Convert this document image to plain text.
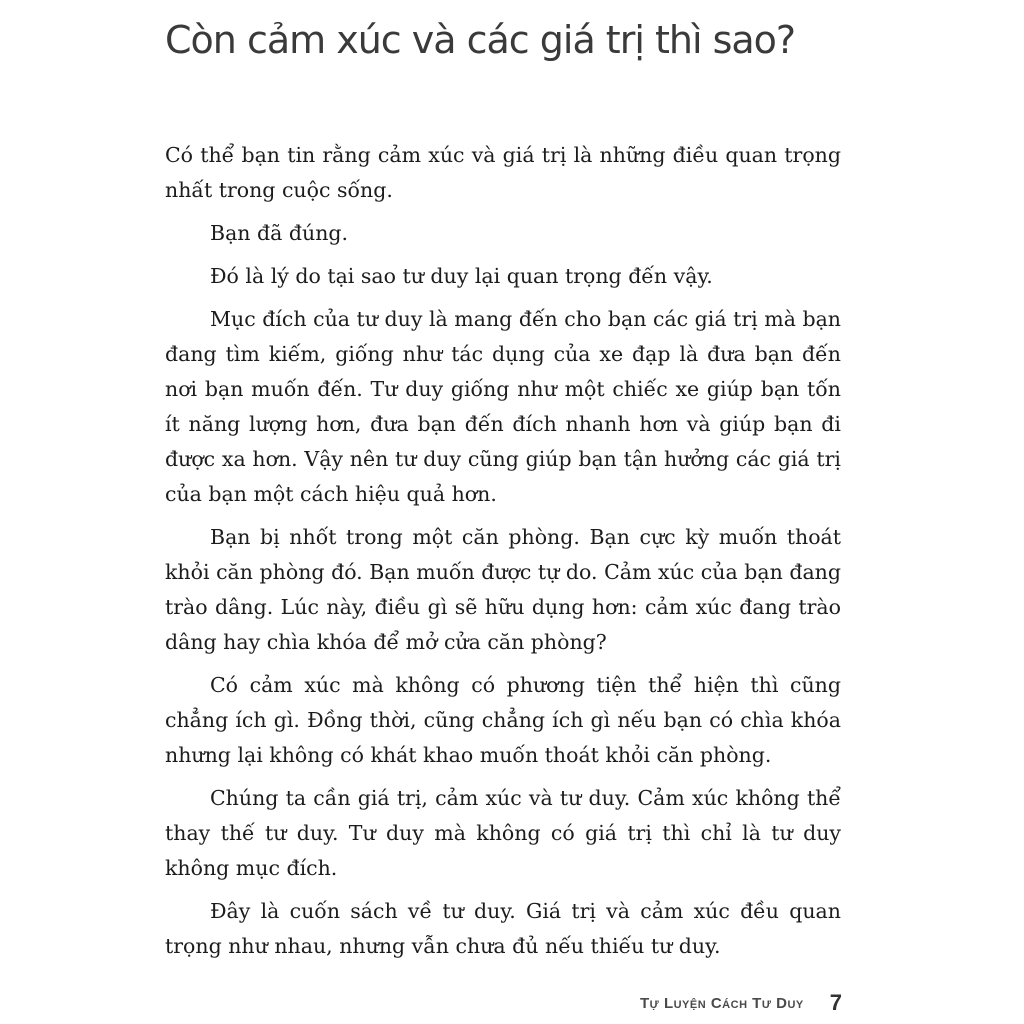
Còn cảm xúc và các giá trị thì sao?

Có thể bạn tin rằng cảm xúc và giá trị là những điều quan trọng nhất trong cuộc sống.

Bạn đã đúng.

Đó là lý do tại sao tư duy lại quan trọng đến vậy.

Mục đích của tư duy là mang đến cho bạn các giá trị mà bạn đang tìm kiếm, giống như tác dụng của xe đạp là đưa bạn đến nơi bạn muốn đến. Tư duy giống như một chiếc xe giúp bạn tốn ít năng lượng hơn, đưa bạn đến đích nhanh hơn và giúp bạn đi được xa hơn. Vậy nên tư duy cũng giúp bạn tận hưởng các giá trị của bạn một cách hiệu quả hơn.

Bạn bị nhốt trong một căn phòng. Bạn cực kỳ muốn thoát khỏi căn phòng đó. Bạn muốn được tự do. Cảm xúc của bạn đang trào dâng. Lúc này, điều gì sẽ hữu dụng hơn: cảm xúc đang trào dâng hay chìa khóa để mở cửa căn phòng?

Có cảm xúc mà không có phương tiện thể hiện thì cũng chẳng ích gì. Đồng thời, cũng chẳng ích gì nếu bạn có chìa khóa nhưng lại không có khát khao muốn thoát khỏi căn phòng.

Chúng ta cần giá trị, cảm xúc và tư duy. Cảm xúc không thể thay thế tư duy. Tư duy mà không có giá trị thì chỉ là tư duy không mục đích.

Đây là cuốn sách về tư duy. Giá trị và cảm xúc đều quan trọng như nhau, nhưng vẫn chưa đủ nếu thiếu tư duy.

Tự Luyện Cách Tư Duy 7
